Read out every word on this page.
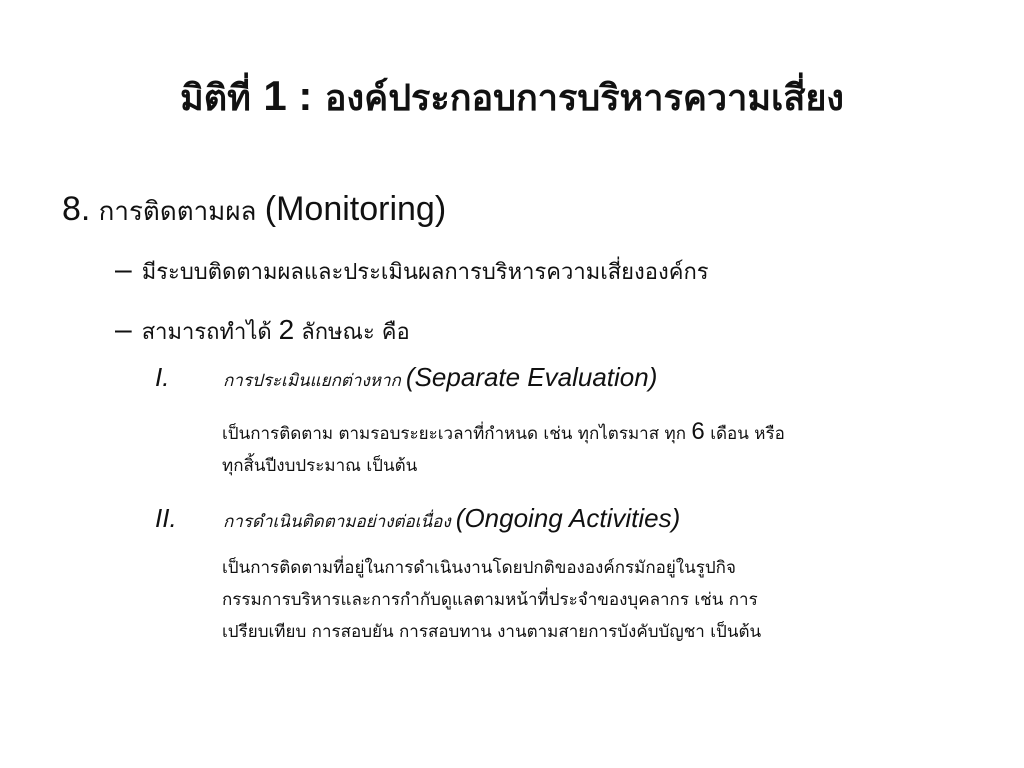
มิติที่ 1 : องค์ประกอบการบริหารความเสี่ยง
8. การติดตามผล (Monitoring)
– มีระบบติดตามผลและประเมินผลการบริหารความเสี่ยงองค์กร
– สามารถทำได้ 2 ลักษณะ คือ
I.	การประเมินแยกต่างหาก (Separate Evaluation)
เป็นการติดตาม ตามรอบระยะเวลาที่กำหนด เช่น ทุกไตรมาส ทุก 6 เดือน หรือ
ทุกสิ้นปีงบประมาณ เป็นต้น
II.	การดำเนินติดตามอย่างต่อเนื่อง (Ongoing Activities)
เป็นการติดตามที่อยู่ในการดำเนินงานโดยปกติขององค์กรมักอยู่ในรูปกิจ
กรรมการบริหารและการกำกับดูแลตามหน้าที่ประจำของบุคลากร เช่น การ
เปรียบเทียบ การสอบยัน การสอบทาน งานตามสายการบังคับบัญชา เป็นต้น
